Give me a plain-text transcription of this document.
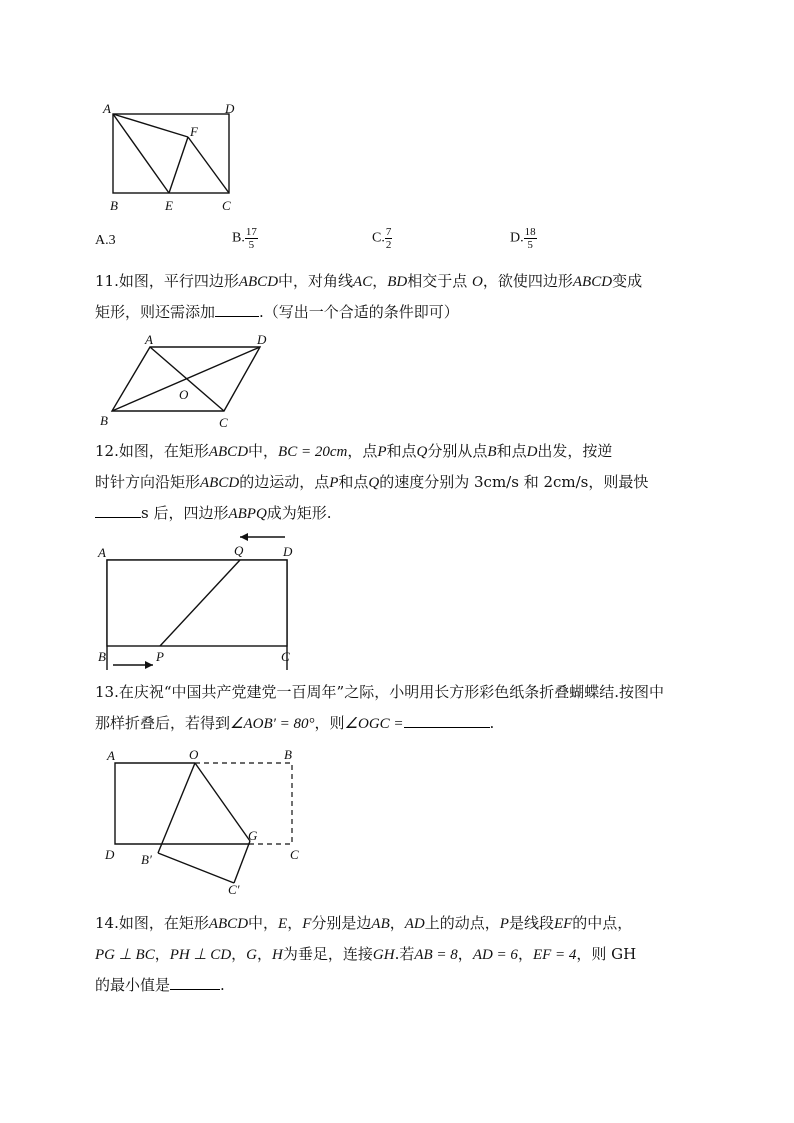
A	D
F
B	E	C
A.3	B. $\frac{17}{5}$	C. $\frac{7}{2}$	D. $\frac{18}{5}$
11.如图，平行四边形ABCD中，对角线AC，BD相交于点 O，欲使四边形ABCD变成
矩形，则还需添加	.（写出一个合适的条件即可）
A	D
O
B	C
12.如图，在矩形ABCD中，BC = 20cm，点P和点Q分别从点B和点D出发，按逆
时针方向沿矩形ABCD的边运动，点P和点Q的速度分别为 3cm/s 和 2cm/s，则最快
s 后，四边形ABPQ成为矩形.
A	Q	D
B	P	C
13.在庆祝“中国共产党建党一百周年”之际，小明用长方形彩色纸条折叠蝴蝶结.按图中
那样折叠后，若得到∠AOB′ = 80°，则∠OGC =	.
A	O	B
G
D	C
B′
C′
14.如图，在矩形ABCD中，E，F分别是边AB，AD上的动点，P是线段EF的中点，
PG ⊥ BC，PH ⊥ CD，G，H为垂足，连接GH.若AB = 8，AD = 6，EF = 4，则 GH
的最小值是	.
